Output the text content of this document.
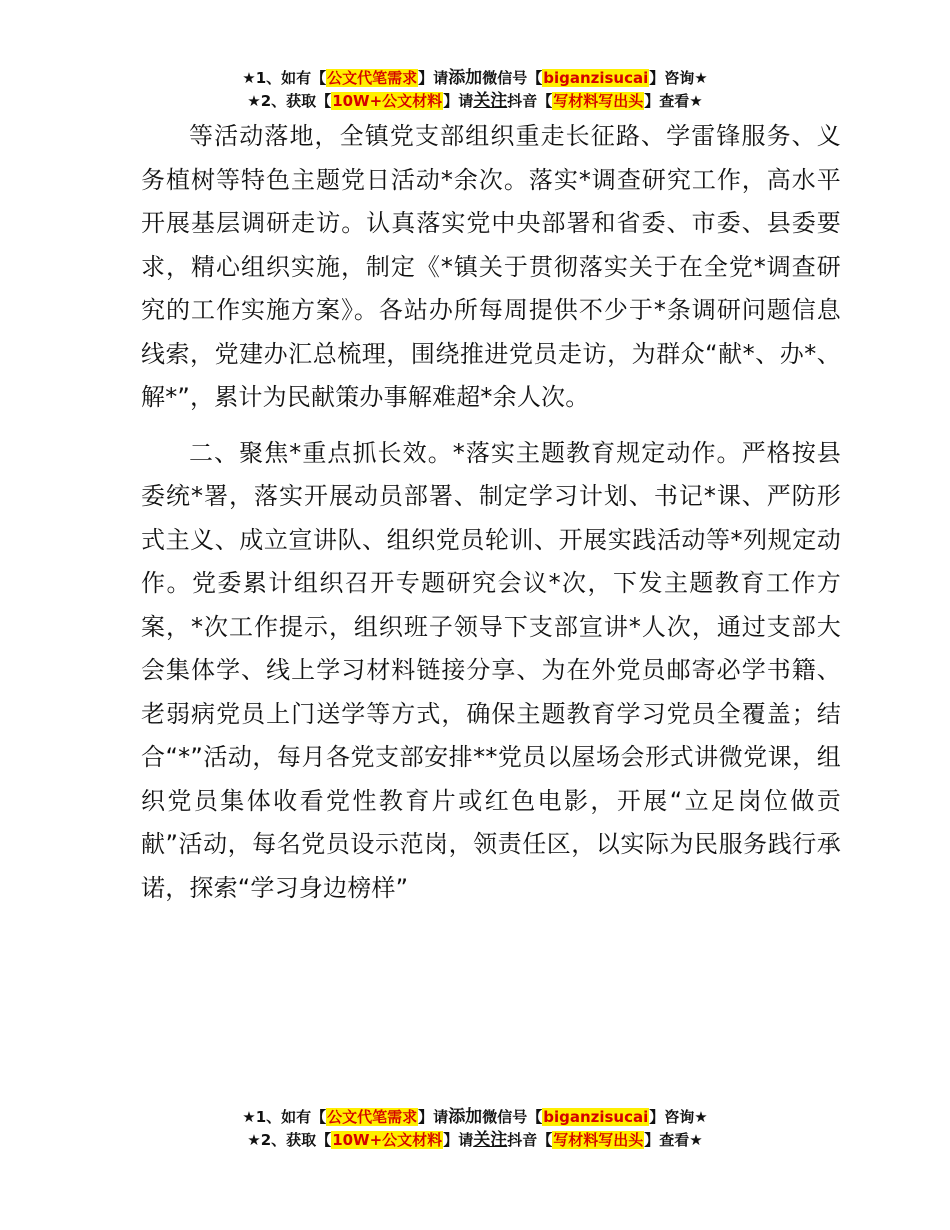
★1、如有【公文代笔需求】请添加微信号【biganzisucai】咨询★
★2、获取【10W+公文材料】请关注抖音【写材料写出头】查看★

等活动落地，全镇党支部组织重走长征路、学雷锋服务、义务植树等特色主题党日活动*余次。落实*调查研究工作，高水平开展基层调研走访。认真落实党中央部署和省委、市委、县委要求，精心组织实施，制定《*镇关于贯彻落实关于在全党*调查研究的工作实施方案》。各站办所每周提供不少于*条调研问题信息线索，党建办汇总梳理，围绕推进党员走访，为群众“献*、办*、解*”，累计为民献策办事解难超*余人次。

二、聚焦*重点抓长效。*落实主题教育规定动作。严格按县委统*署，落实开展动员部署、制定学习计划、书记*课、严防形式主义、成立宣讲队、组织党员轮训、开展实践活动等*列规定动作。党委累计组织召开专题研究会议*次，下发主题教育工作方案，*次工作提示，组织班子领导下支部宣讲*人次，通过支部大会集体学、线上学习材料链接分享、为在外党员邮寄必学书籍、老弱病党员上门送学等方式，确保主题教育学习党员全覆盖；结合“*”活动，每月各党支部安排**党员以屋场会形式讲微党课，组织党员集体收看党性教育片或红色电影，开展“立足岗位做贡献”活动，每名党员设示范岗，领责任区，以实际为民服务践行承诺，探索“学习身边榜样”

★1、如有【公文代笔需求】请添加微信号【biganzisucai】咨询★
★2、获取【10W+公文材料】请关注抖音【写材料写出头】查看★
